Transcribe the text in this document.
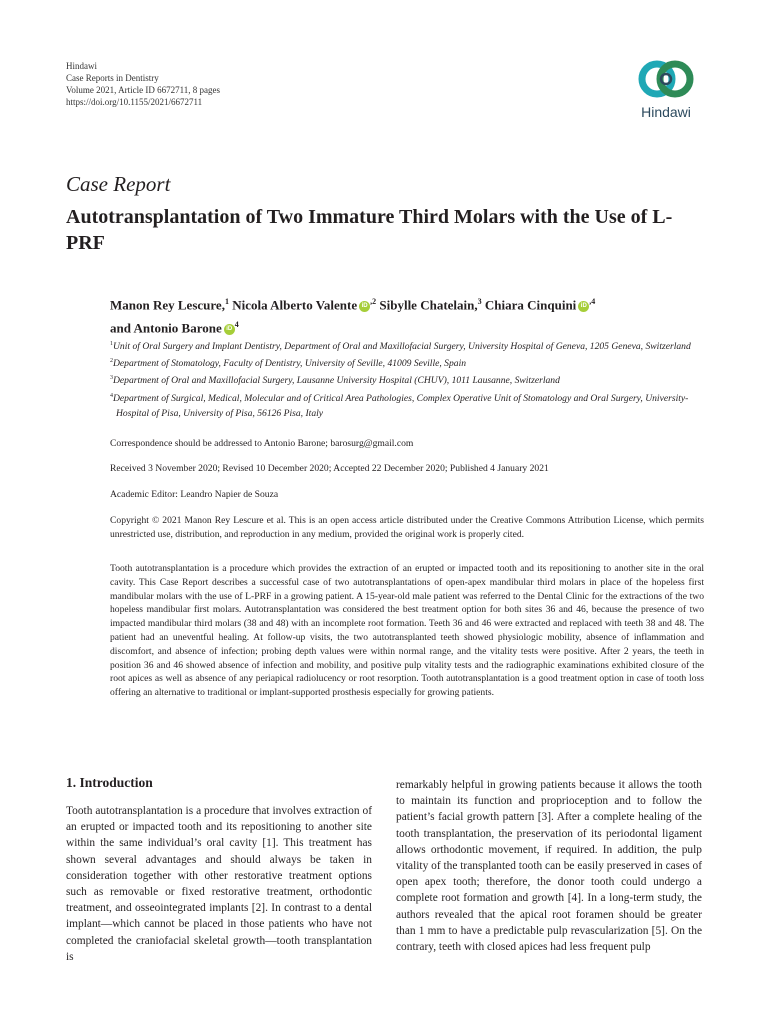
Hindawi
Case Reports in Dentistry
Volume 2021, Article ID 6672711, 8 pages
https://doi.org/10.1155/2021/6672711
Hindawi
Case Report
Autotransplantation of Two Immature Third Molars with the Use of L-PRF
Manon Rey Lescure,$^1$ Nicola Alberto Valente iD $^{,2}$ Sibylle Chatelain,$^3$ Chiara Cinquini iD $^{,4}$
and Antonio Barone iD $^4$
$^1$Unit of Oral Surgery and Implant Dentistry, Department of Oral and Maxillofacial Surgery, University Hospital of Geneva, 1205 Geneva, Switzerland
$^2$Department of Stomatology, Faculty of Dentistry, University of Seville, 41009 Seville, Spain
$^3$Department of Oral and Maxillofacial Surgery, Lausanne University Hospital (CHUV), 1011 Lausanne, Switzerland
$^4$Department of Surgical, Medical, Molecular and of Critical Area Pathologies, Complex Operative Unit of Stomatology and Oral Surgery, University-Hospital of Pisa, University of Pisa, 56126 Pisa, Italy
Correspondence should be addressed to Antonio Barone; barosurg@gmail.com
Received 3 November 2020; Revised 10 December 2020; Accepted 22 December 2020; Published 4 January 2021
Academic Editor: Leandro Napier de Souza
Copyright © 2021 Manon Rey Lescure et al. This is an open access article distributed under the Creative Commons Attribution License, which permits unrestricted use, distribution, and reproduction in any medium, provided the original work is properly cited.
Tooth autotransplantation is a procedure which provides the extraction of an erupted or impacted tooth and its repositioning to another site in the oral cavity. This Case Report describes a successful case of two autotransplantations of open-apex mandibular third molars in place of the hopeless first mandibular molars with the use of L-PRF in a growing patient. A 15-year-old male patient was referred to the Dental Clinic for the extractions of the two hopeless mandibular first molars. Autotransplantation was considered the best treatment option for both sites 36 and 46, because the presence of two impacted mandibular third molars (38 and 48) with an incomplete root formation. Teeth 36 and 46 were extracted and replaced with teeth 38 and 48. The patient had an uneventful healing. At follow-up visits, the two autotransplanted teeth showed physiologic mobility, absence of inflammation and discomfort, and absence of infection; probing depth values were within normal range, and the vitality tests were positive. After 2 years, the teeth in position 36 and 46 showed absence of infection and mobility, and positive pulp vitality tests and the radiographic examinations exhibited closure of the root apices as well as absence of any periapical radiolucency or root resorption. Tooth autotransplantation is a good treatment option in case of tooth loss offering an alternative to traditional or implant-supported prosthesis especially for growing patients.
1. Introduction
Tooth autotransplantation is a procedure that involves extraction of an erupted or impacted tooth and its repositioning to another site within the same individual’s oral cavity [1]. This treatment has shown several advantages and should always be taken in consideration together with other restorative treatment options such as removable or fixed restorative treatment, orthodontic treatment, and osseointegrated implants [2]. In contrast to a dental implant—which cannot be placed in those patients who have not completed the craniofacial skeletal growth—tooth transplantation is
remarkably helpful in growing patients because it allows the tooth to maintain its function and proprioception and to follow the patient’s facial growth pattern [3]. After a complete healing of the tooth transplantation, the preservation of its periodontal ligament allows orthodontic movement, if required. In addition, the pulp vitality of the transplanted tooth can be easily preserved in cases of open apex tooth; therefore, the donor tooth could undergo a complete root formation and growth [4]. In a long-term study, the authors revealed that the apical root foramen should be greater than 1 mm to have a predictable pulp revascularization [5]. On the contrary, teeth with closed apices had less frequent pulp
